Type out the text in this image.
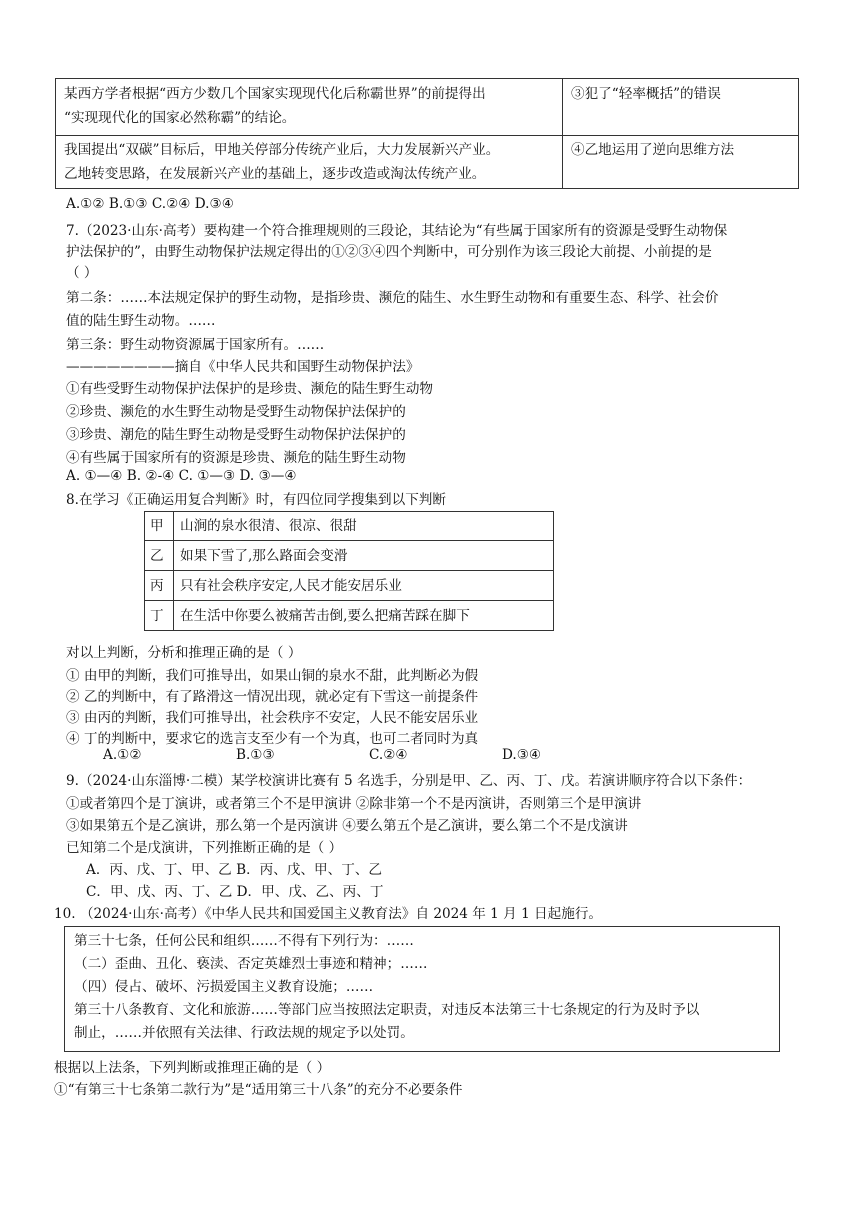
某西方学者根据“西方少数几个国家实现现代化后称霸世界”的前提得出
“实现现代化的国家必然称霸”的结论。	③犯了“轻率概括”的错误

我国提出“双碳”目标后，甲地关停部分传统产业后，大力发展新兴产业。
乙地转变思路，在发展新兴产业的基础上，逐步改造或淘汰传统产业。	④乙地运用了逆向思维方法
A.①② B.①③ C.②④ D.③④
7.（2023·山东·高考）要构建一个符合推理规则的三段论，其结论为“有些属于国家所有的资源是受野生动物保
护法保护的”，由野生动物保护法规定得出的①②③④四个判断中，可分别作为该三段论大前提、小前提的是
（ ）
第二条：……本法规定保护的野生动物，是指珍贵、濒危的陆生、水生野生动物和有重要生态、科学、社会价
值的陆生野生动物。……
第三条：野生动物资源属于国家所有。……
————————摘自《中华人民共和国野生动物保护法》
①有些受野生动物保护法保护的是珍贵、濒危的陆生野生动物
②珍贵、濒危的水生野生动物是受野生动物保护法保护的
③珍贵、潮危的陆生野生动物是受野生动物保护法保护的
④有些属于国家所有的资源是珍贵、濒危的陆生野生动物
A. ①—④ B. ②-④ C. ①—③ D. ③—④
8.在学习《正确运用复合判断》时，有四位同学搜集到以下判断
甲	山涧的泉水很清、很凉、很甜
乙	如果下雪了,那么路面会变滑
丙	只有社会秩序安定,人民才能安居乐业
丁	在生活中你要么被痛苦击倒,要么把痛苦踩在脚下
对以上判断，分析和推理正确的是（ ）
① 由甲的判断，我们可推导出，如果山铜的泉水不甜，此判断必为假
② 乙的判断中，有了路滑这一情况出现，就必定有下雪这一前提条件
③ 由丙的判断，我们可推导出，社会秩序不安定，人民不能安居乐业
④ 丁的判断中，要求它的选言支至少有一个为真，也可二者同时为真
A.①②	B.①③	C.②④	D.③④
9.（2024·山东淄博·二模）某学校演讲比赛有 5 名选手，分别是甲、乙、丙、丁、戊。若演讲顺序符合以下条件：
①或者第四个是丁演讲，或者第三个不是甲演讲 ②除非第一个不是丙演讲，否则第三个是甲演讲
③如果第五个是乙演讲，那么第一个是丙演讲 ④要么第五个是乙演讲，要么第二个不是戊演讲
已知第二个是戊演讲，下列推断正确的是（ ）
A．丙、戊、丁、甲、乙 B．丙、戊、甲、丁、乙
C．甲、戊、丙、丁、乙 D．甲、戊、乙、丙、丁
10. （2024·山东·高考）《中华人民共和国爱国主义教育法》自 2024 年 1 月 1 日起施行。
第三十七条，任何公民和组织……不得有下列行为：……
（二）歪曲、丑化、亵渎、否定英雄烈士事迹和精神；……
（四）侵占、破坏、污损爱国主义教育设施；……
第三十八条教育、文化和旅游……等部门应当按照法定职责，对违反本法第三十七条规定的行为及时予以
制止，……并依照有关法律、行政法规的规定予以处罚。
根据以上法条，下列判断或推理正确的是（ ）
①“有第三十七条第二款行为”是“适用第三十八条”的充分不必要条件
